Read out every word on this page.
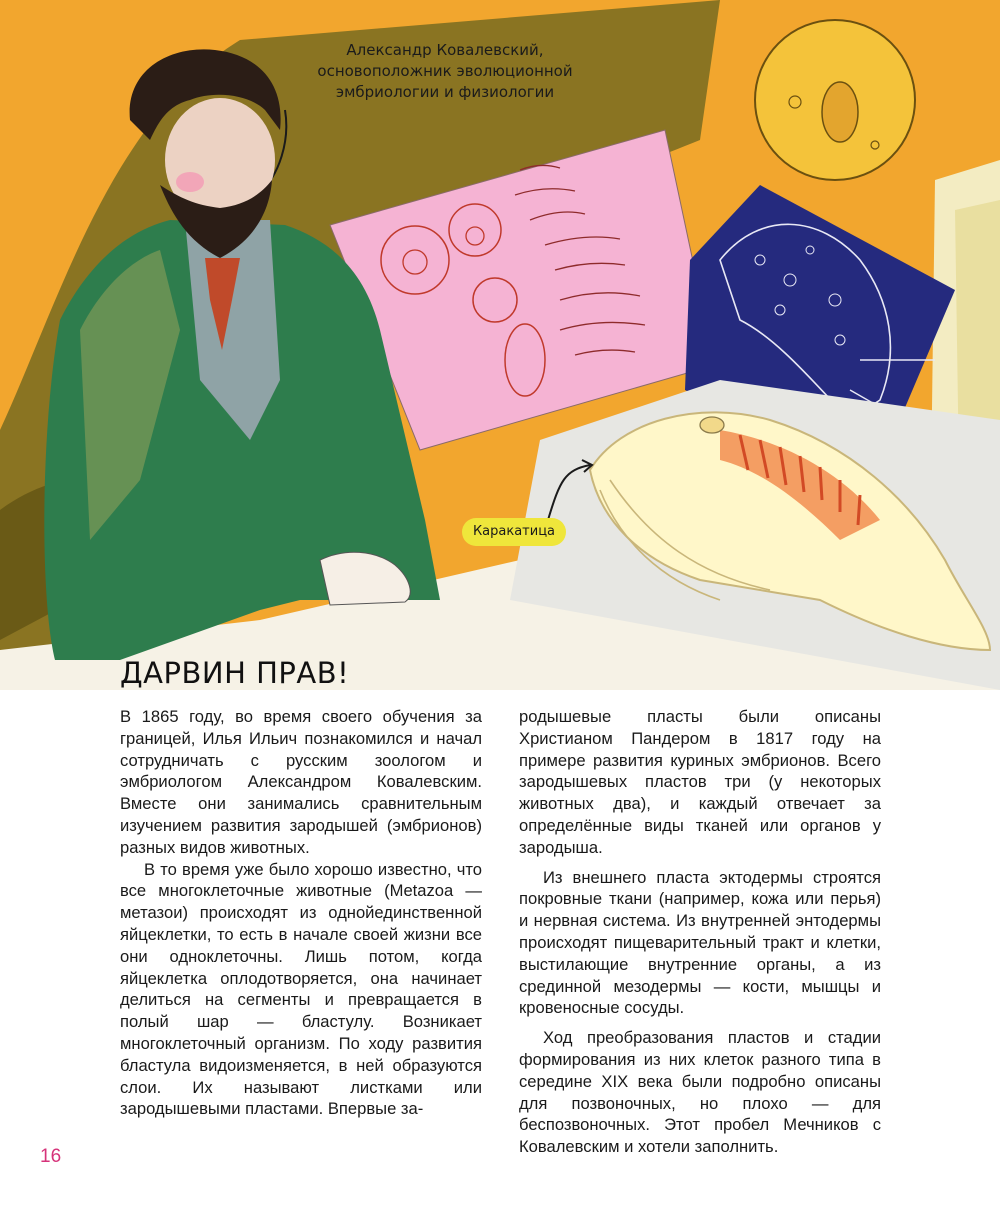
Александр Ковалевский,
основоположник эволюционной
эмбриологии и физиологии
Каракатица
ДАРВИН ПРАВ!

В 1865 году, во время своего обучения за границей, Илья Ильич познакомился и начал сотрудничать с русским зоологом и эмбриологом Александром Ковалевским. Вместе они занимались сравнительным изучением развития зародышей (эмбрионов) разных видов животных.

В то время уже было хорошо известно, что все многоклеточные животные (Metazoa — метазои) происходят из однойединственной яйцеклетки, то есть в начале своей жизни все они одноклеточны. Лишь потом, когда яйцеклетка оплодотворяется, она начинает делиться на сегменты и превращается в полый шар — бластулу. Возникает многоклеточный организм. По ходу развития бластула видоизменяется, в ней образуются слои. Их называют листками или зародышевыми пластами. Впервые за-

родышевые пласты были описаны Христианом Пандером в 1817 году на примере развития куриных эмбрионов. Всего зародышевых пластов три (у некоторых животных два), и каждый отвечает за определённые виды тканей или органов у зародыша.

Из внешнего пласта эктодермы строятся покровные ткани (например, кожа или перья) и нервная система. Из внутренней энтодермы происходят пищеварительный тракт и клетки, выстилающие внутренние органы, а из срединной мезодермы — кости, мышцы и кровеносные сосуды.

Ход преобразования пластов и стадии формирования из них клеток разного типа в середине XIX века были подробно описаны для позвоночных, но плохо — для беспозвоночных. Этот пробел Мечников с Ковалевским и хотели заполнить.

16
